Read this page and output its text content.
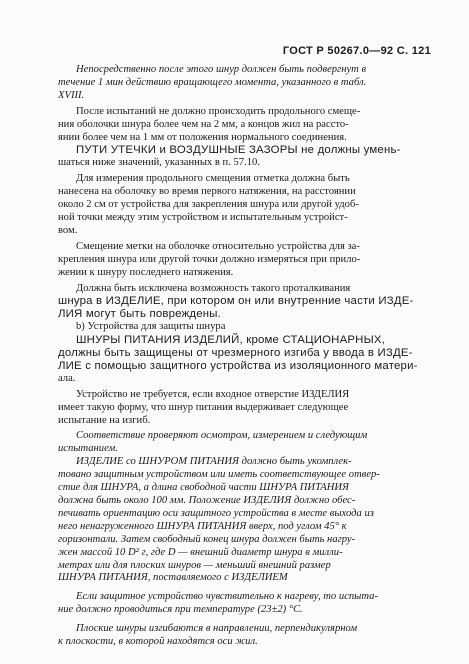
ГОСТ Р 50267.0—92 С. 121
Непосредственно после этого шнур должен быть подвергнут в
течение 1 мин действию вращающего момента, указанного в табл.
XVIII.
После испытаний не должно происходить продольного смеще-
ния оболочки шнура более чем на 2 мм, а концов жил на рассто-
янии более чем на 1 мм от положения нормального соединения.
ПУТИ УТЕЧКИ и ВОЗДУШНЫЕ ЗАЗОРЫ не должны умень-
шаться ниже значений, указанных в п. 57.10.
Для измерения продольного смещения отметка должна быть
нанесена на оболочку во время первого натяжения, на расстоянии
около 2 см от устройства для закрепления шнура или другой удоб-
ной точки между этим устройством и испытательным устройст-
вом.
Смещение метки на оболочке относительно устройства для за-
крепления шнура или другой точки должно измеряться при прило-
жении к шнуру последнего натяжения.
Должна быть исключена возможность такого проталкивания
шнура в ИЗДЕЛИЕ, при котором он или внутренние части ИЗДЕ-
ЛИЯ могут быть повреждены.
b) Устройства для защиты шнура
ШНУРЫ ПИТАНИЯ ИЗДЕЛИЙ, кроме СТАЦИОНАРНЫХ,
должны быть защищены от чрезмерного изгиба у ввода в ИЗДЕ-
ЛИЕ с помощью защитного устройства из изоляционного матери-
ала.
Устройство не требуется, если входное отверстие ИЗДЕЛИЯ
имеет такую форму, что шнур питания выдерживает следующее
испытание на изгиб.
Соответствие проверяют осмотром, измерением и следующим
испытанием.
ИЗДЕЛИЕ со ШНУРОМ ПИТАНИЯ должно быть укомплек-
товано защитным устройством или иметь соответствующее отвер-
стие для ШНУРА, а длина свободной части ШНУРА ПИТАНИЯ
должна быть около 100 мм. Положение ИЗДЕЛИЯ должно обес-
печивать ориентацию оси защитного устройства в месте выхода из
него ненагруженного ШНУРА ПИТАНИЯ вверх, под углом 45° к
горизонтали. Затем свободный конец шнура должен быть нагру-
жен массой 10 D² г, где D — внешний диаметр шнура в милли-
метрах или для плоских шнуров — меньший внешний размер
ШНУРА ПИТАНИЯ, поставляемого с ИЗДЕЛИЕМ
Если защитное устройство чувствительно к нагреву, то испыта-
ние должно проводиться при температуре (23±2) °C.
Плоские шнуры изгибаются в направлении, перпендикулярном
к плоскости, в которой находятся оси жил.
